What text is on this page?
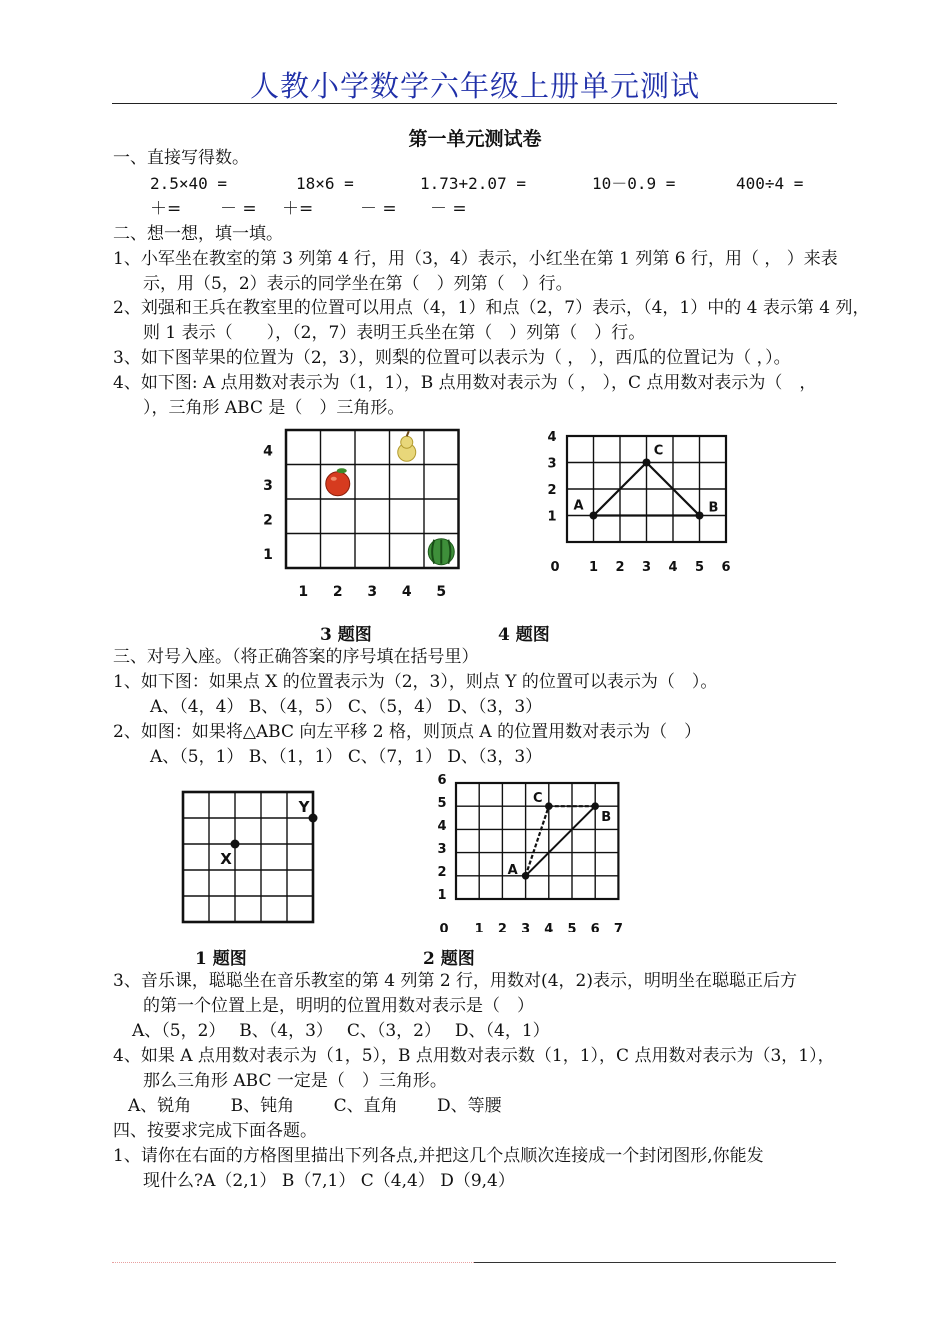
人教小学数学六年级上册单元测试
第一单元测试卷
一、直接写得数。
2.5×40 =	18×6 =	1.73+2.07 =	10－0.9 =	400÷4 =
＋= － = ＋=	－ = － =
二、想一想，填一填。
1、小军坐在教室的第 3 列第 4 行，用（3，4）表示，小红坐在第 1 列第 6 行，用（ ， ）来表
示，用（5，2）表示的同学坐在第（　）列第（　）行。
2、刘强和王兵在教室里的位置可以用点（4，1）和点（2，7）表示，（4，1）中的 4 表示第 4 列，
则 1 表示（　　），（2，7）表明王兵坐在第（　）列第（　）行。
3、如下图苹果的位置为（2，3），则梨的位置可以表示为（ ， ），西瓜的位置记为（ ，）。
4、如下图: A 点用数对表示为（1，1），B 点用数对表示为（ ， ），C 点用数对表示为（　，
），三角形 ABC 是（　）三角形。
1 2 3 4 5
4
3
2
1
0 1 2 3 4 5 6
4
3
2
1
A
C
B
3 题图	4 题图
三、对号入座。（将正确答案的序号填在括号里）
1、如下图：如果点 X 的位置表示为（2，3），则点 Y 的位置可以表示为（　）。
A、（4，4） B、（4，5） C、（5，4） D、（3，3）
2、如图：如果将△ABC 向左平移 2 格，则顶点 A 的位置用数对表示为（　）
A、（5，1） B、（1，1） C、（7，1） D、（3，3）
X
Y
0 1 2 3 4 5 6 7
6
5
4
3
2
1
A
C
B
1 题图	2 题图
3、音乐课，聪聪坐在音乐教室的第 4 列第 2 行，用数对(4，2)表示，明明坐在聪聪正后方
的第一个位置上是，明明的位置用数对表示是（　）
A、（5，2）　 B、（4，3）　 C、（3，2）　 D、（4，1）
4、如果 A 点用数对表示为（1，5），B 点用数对表示数（1，1），C 点用数对表示为（3，1），
那么三角形 ABC 一定是（　）三角形。
A、锐角　　 B、钝角　　 C、直角　　 D、等腰
四、按要求完成下面各题。
1、请你在右面的方格图里描出下列各点,并把这几个点顺次连接成一个封闭图形,你能发
现什么?A（2,1） B（7,1） C（4,4） D（9,4）
